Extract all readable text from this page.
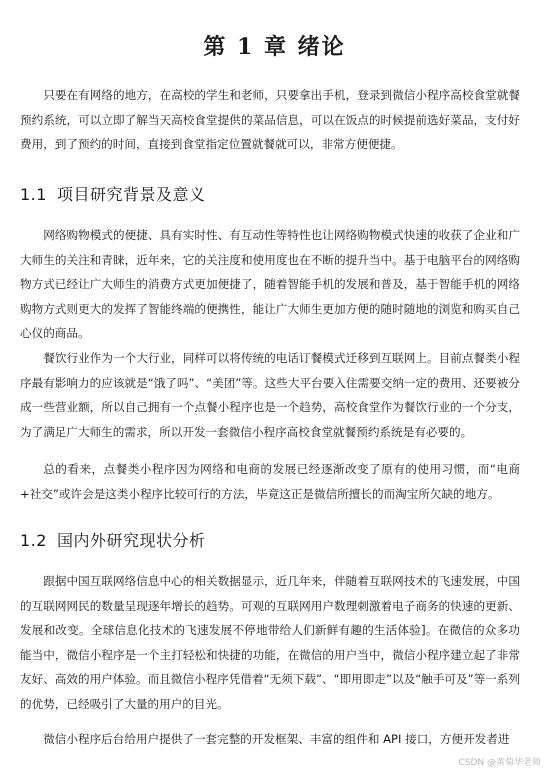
第 1 章 绪论

只要在有网络的地方，在高校的学生和老师，只要拿出手机，登录到微信小程序高校食堂就餐预约系统，可以立即了解当天高校食堂提供的菜品信息，可以在饭点的时候提前选好菜品，支付好费用，到了预约的时间，直接到食堂指定位置就餐就可以，非常方便便捷。

1.1 项目研究背景及意义

网络购物模式的便捷、具有实时性、有互动性等特性也让网络购物模式快速的收获了企业和广大师生的关注和青睐，近年来，它的关注度和使用度也在不断的提升当中。基于电脑平台的网络购物方式已经让广大师生的消费方式更加便捷了，随着智能手机的发展和普及，基于智能手机的网络购物方式则更大的发挥了智能终端的便携性，能让广大师生更加方便的随时随地的浏览和购买自己心仪的商品。

餐饮行业作为一个大行业，同样可以将传统的电话订餐模式迁移到互联网上。目前点餐类小程序最有影响力的应该就是“饿了吗”、“美团”等。这些大平台要入住需要交纳一定的费用、还要被分成一些营业额，所以自己拥有一个点餐小程序也是一个趋势，高校食堂作为餐饮行业的一个分支，为了满足广大师生的需求，所以开发一套微信小程序高校食堂就餐预约系统是有必要的。

总的看来，点餐类小程序因为网络和电商的发展已经逐渐改变了原有的使用习惯，而“电商+社交”或许会是这类小程序比较可行的方法，毕竟这正是微信所擅长的而淘宝所欠缺的地方。

1.2 国内外研究现状分析

跟据中国互联网络信息中心的相关数据显示，近几年来，伴随着互联网技术的飞速发展，中国的互联网网民的数量呈现逐年增长的趋势。可观的互联网用户数理刺激着电子商务的快速的更新、发展和改变。全球信息化技术的飞速发展不停地带给人们新鲜有趣的生活体验]。在微信的众多功能当中，微信小程序是一个主打轻松和快捷的功能，在微信的用户当中，微信小程序建立起了非常友好、高效的用户体验。而且微信小程序凭借着“无须下载”、“即用即走”以及“触手可及”等一系列的优势，已经吸引了大量的用户的目光。

微信小程序后台给用户提供了一套完整的开发框架、丰富的组件和 API 接口，方便开发者进

CSDN @黄菊华老师
